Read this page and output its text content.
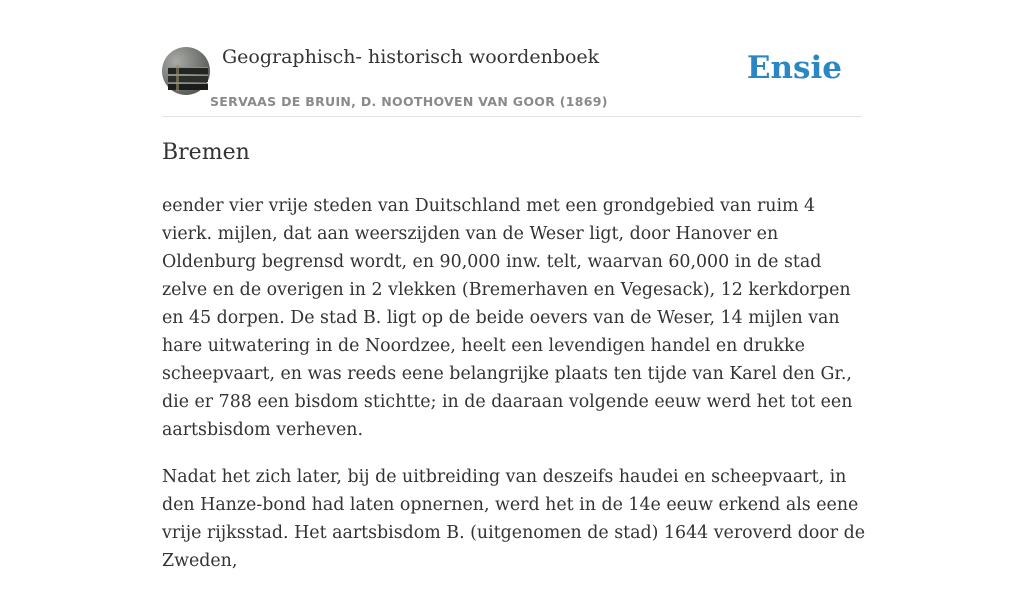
Geographisch- historisch woordenboek
SERVAAS DE BRUIN, D. NOOTHOVEN VAN GOOR (1869)
Ensie
Bremen

eender vier vrije steden van Duitschland met een grondgebied van ruim 4 vierk. mijlen, dat aan weerszijden van de Weser ligt, door Hanover en Oldenburg begrensd wordt, en 90,000 inw. telt, waarvan 60,000 in de stad zelve en de overigen in 2 vlekken (Bremerhaven en Vegesack), 12 kerkdorpen en 45 dorpen. De stad B. ligt op de beide oevers van de Weser, 14 mijlen van hare uitwatering in de Noordzee, heelt een levendigen handel en drukke scheepvaart, en was reeds eene belangrijke plaats ten tijde van Karel den Gr., die er 788 een bisdom stichtte; in de daaraan volgende eeuw werd het tot een aartsbisdom verheven.

Nadat het zich later, bij de uitbreiding van deszeifs haudei en scheepvaart, in den Hanze-bond had laten opnernen, werd het in de 14e eeuw erkend als eene vrije rijksstad. Het aartsbisdom B. (uitgenomen de stad) 1644 veroverd door de Zweden,
